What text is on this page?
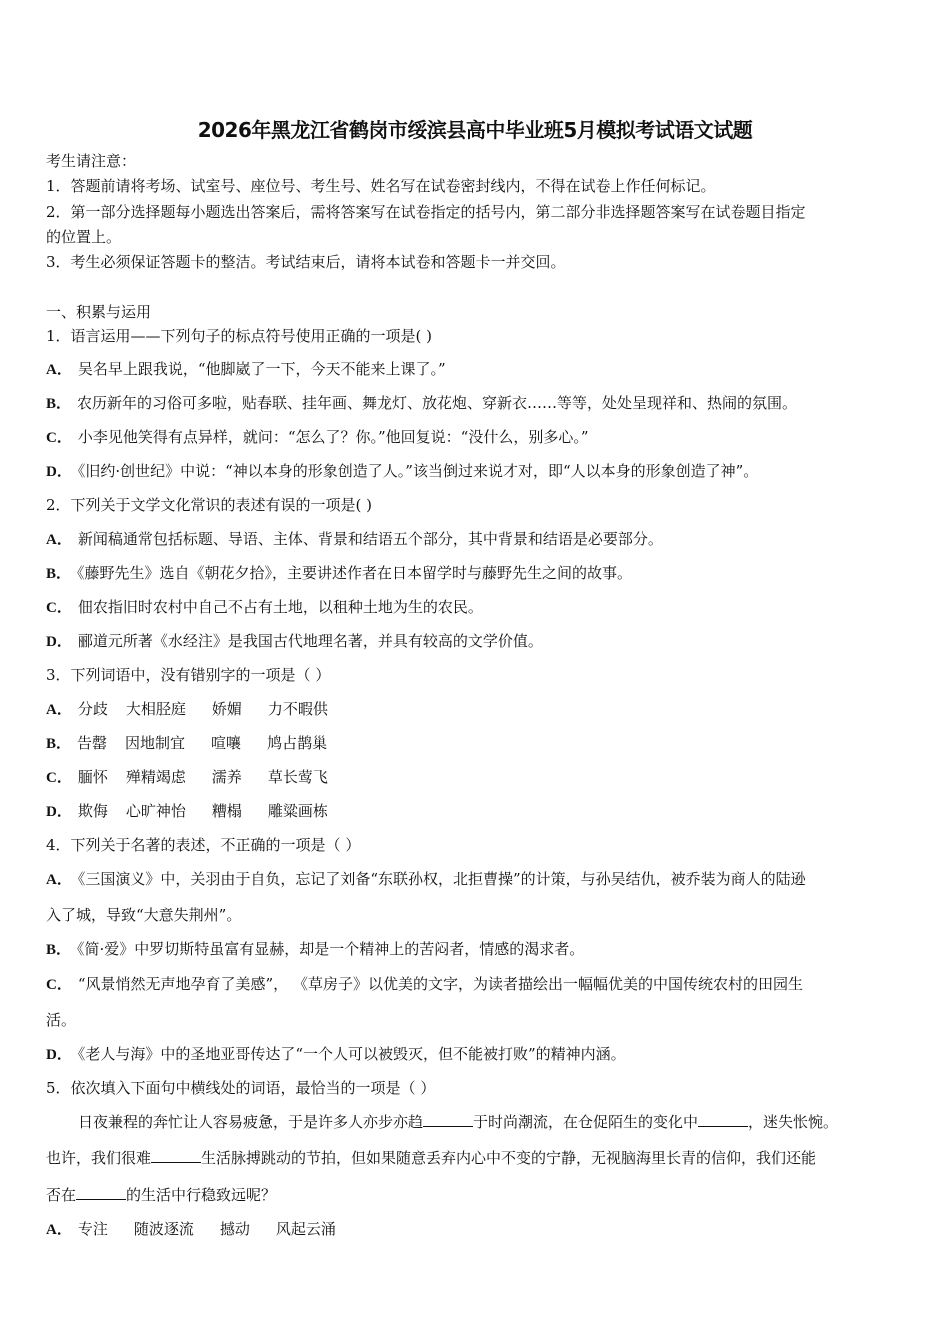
2026年黑龙江省鹤岗市绥滨县高中毕业班5月模拟考试语文试题
考生请注意：
1．答题前请将考场、试室号、座位号、考生号、姓名写在试卷密封线内，不得在试卷上作任何标记。
2．第一部分选择题每小题选出答案后，需将答案写在试卷指定的括号内，第二部分非选择题答案写在试卷题目指定
的位置上。
3．考生必须保证答题卡的整洁。考试结束后，请将本试卷和答题卡一并交回。
一、积累与运用
1．语言运用——下列句子的标点符号使用正确的一项是( )
A． 吴名早上跟我说，“他脚崴了一下，今天不能来上课了。”
B． 农历新年的习俗可多啦，贴春联、挂年画、舞龙灯、放花炮、穿新衣……等等，处处呈现祥和、热闹的氛围。
C． 小李见他笑得有点异样，就问：“怎么了？你。”他回复说：“没什么，别多心。”
D． 《旧约·创世纪》中说：“神以本身的形象创造了人。”该当倒过来说才对，即“人以本身的形象创造了神”。
2．下列关于文学文化常识的表述有误的一项是( )
A． 新闻稿通常包括标题、导语、主体、背景和结语五个部分，其中背景和结语是必要部分。
B． 《藤野先生》选自《朝花夕拾》，主要讲述作者在日本留学时与藤野先生之间的故事。
C． 佃农指旧时农村中自己不占有土地，以租种土地为生的农民。
D． 郦道元所著《水经注》是我国古代地理名著，并具有较高的文学价值。
3．下列词语中，没有错别字的一项是（ ）
A． 分歧 大相胫庭 娇媚 力不暇供
B． 告罄 因地制宜 喧嚷 鸠占鹊巢
C． 腼怀 殚精竭虑 濡养 草长莺飞
D． 欺侮 心旷神怡 糟榻 雕粱画栋
4．下列关于名著的表述，不正确的一项是（ ）
A． 《三国演义》中，关羽由于自负，忘记了刘备“东联孙权，北拒曹操”的计策，与孙吴结仇，被乔装为商人的陆逊
入了城，导致“大意失荆州”。
B． 《简·爱》中罗切斯特虽富有显赫，却是一个精神上的苦闷者，情感的渴求者。
C． “风景悄然无声地孕育了美感”， 《草房子》以优美的文字，为读者描绘出一幅幅优美的中国传统农村的田园生
活。
D． 《老人与海》中的圣地亚哥传达了“一个人可以被毁灭，但不能被打败”的精神内涵。
5．依次填入下面句中横线处的词语，最恰当的一项是（ ）
日夜兼程的奔忙让人容易疲惫，于是许多人亦步亦趋	于时尚潮流，在仓促陌生的变化中	，迷失怅惋。
也许，我们很难	生活脉搏跳动的节拍，但如果随意丢弃内心中不变的宁静，无视脑海里长青的信仰，我们还能
否在	的生活中行稳致远呢？
A． 专注 随波逐流 撼动 风起云涌
